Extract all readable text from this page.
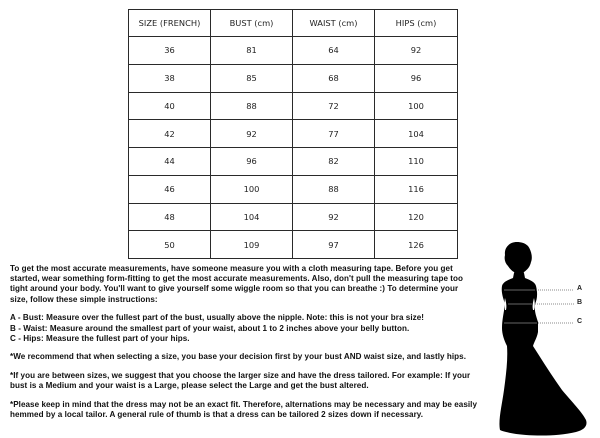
SIZE (FRENCH)	BUST (cm)	WAIST (cm)	HIPS (cm)
36	81	64	92
38	85	68	96
40	88	72	100
42	92	77	104
44	96	82	110
46	100	88	116
48	104	92	120
50	109	97	126

To get the most accurate measurements, have someone measure you with a cloth measuring tape. Before you get

started, wear something form-fitting to get the most accurate measurements. Also, don't pull the measuring tape too

tight around your body. You'll want to give yourself some wiggle room so that you can breathe :) To determine your

size, follow these simple instructions:

A - Bust: Measure over the fullest part of the bust, usually above the nipple. Note: this is not your bra size!

B - Waist: Measure around the smallest part of your waist, about 1 to 2 inches above your belly button.

C - Hips: Measure the fullest part of your hips.

*We recommend that when selecting a size, you base your decision first by your bust AND waist size, and lastly hips.

*If you are between sizes, we suggest that you choose the larger size and have the dress tailored. For example: If your

bust is a Medium and your waist is a Large, please select the Large and get the bust altered.

*Please keep in mind that the dress may not be an exact fit. Therefore, alternations may be necessary and may be easily

hemmed by a local tailor. A general rule of thumb is that a dress can be tailored 2 sizes down if necessary.

A
B
C
